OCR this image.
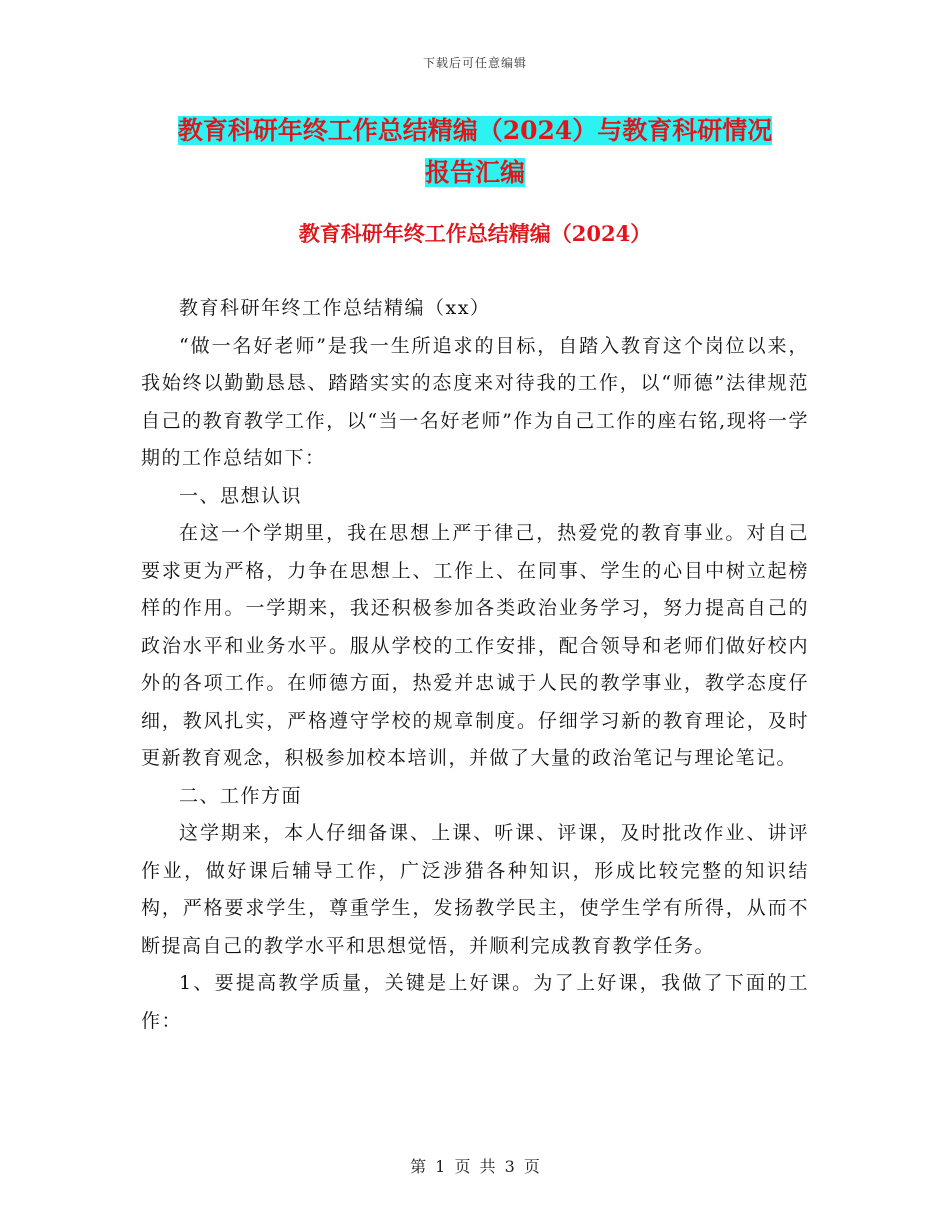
下载后可任意编辑
教育科研年终工作总结精编（2024）与教育科研情况
报告汇编
教育科研年终工作总结精编（2024）

教育科研年终工作总结精编（xx）

“做一名好老师”是我一生所追求的目标，自踏入教育这个岗位以来，我始终以勤勤恳恳、踏踏实实的态度来对待我的工作，以“师德”法律规范自己的教育教学工作，以“当一名好老师”作为自己工作的座右铭,现将一学期的工作总结如下：

一、思想认识

在这一个学期里，我在思想上严于律己，热爱党的教育事业。对自己要求更为严格，力争在思想上、工作上、在同事、学生的心目中树立起榜样的作用。一学期来，我还积极参加各类政治业务学习，努力提高自己的政治水平和业务水平。服从学校的工作安排，配合领导和老师们做好校内外的各项工作。在师德方面，热爱并忠诚于人民的教学事业，教学态度仔细，教风扎实，严格遵守学校的规章制度。仔细学习新的教育理论，及时更新教育观念，积极参加校本培训，并做了大量的政治笔记与理论笔记。

二、工作方面

这学期来，本人仔细备课、上课、听课、评课，及时批改作业、讲评作业，做好课后辅导工作，广泛涉猎各种知识，形成比较完整的知识结构，严格要求学生，尊重学生，发扬教学民主，使学生学有所得，从而不断提高自己的教学水平和思想觉悟，并顺利完成教育教学任务。

1、要提高教学质量，关键是上好课。为了上好课，我做了下面的工作：

第 1 页 共 3 页
